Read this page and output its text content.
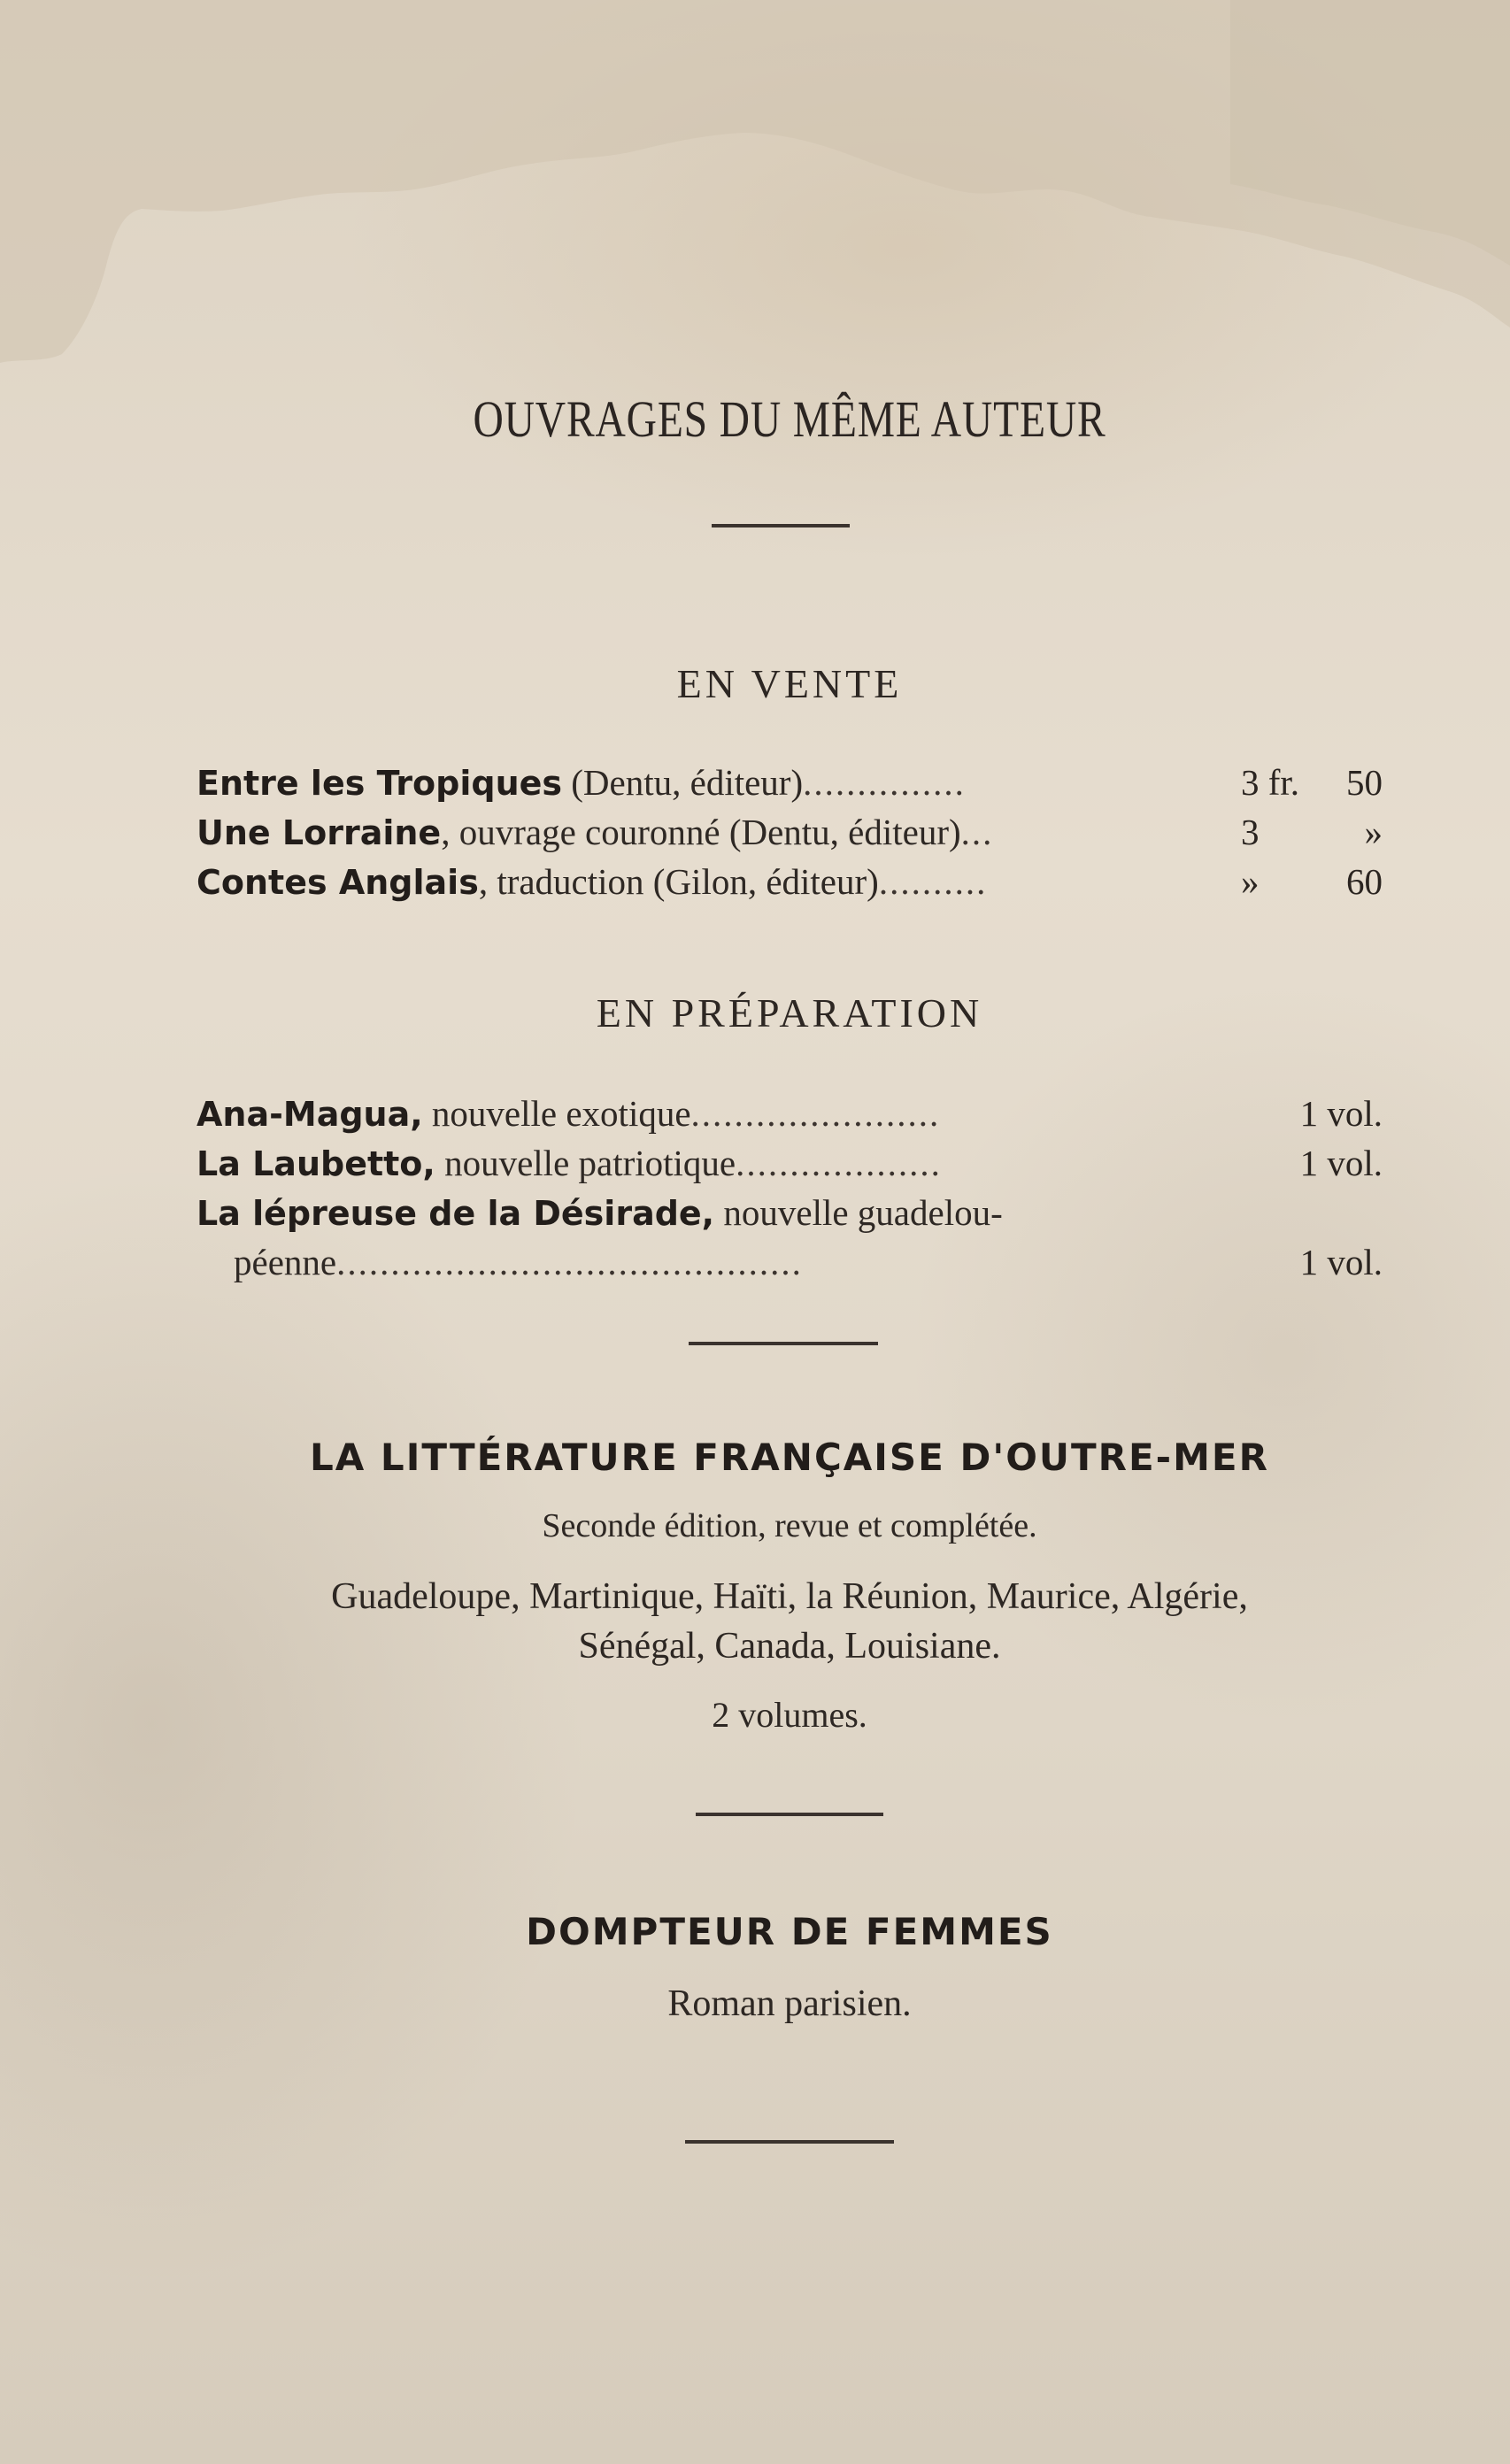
OUVRAGES DU MÊME AUTEUR
EN VENTE
Entre les Tropiques (Dentu, éditeur)...............	3 fr.	50
Une Lorraine, ouvrage couronné (Dentu, éditeur)...	3	»
Contes Anglais, traduction (Gilon, éditeur)..........	»	60
EN PRÉPARATION
Ana-Magua, nouvelle exotique.......................	1 vol.
La Laubetto, nouvelle patriotique...................	1 vol.
La lépreuse de la Désirade, nouvelle guadelou-
péenne...........................................	1 vol.
LA LITTÉRATURE FRANÇAISE D'OUTRE-MER
Seconde édition, revue et complétée.
Guadeloupe, Martinique, Haïti, la Réunion, Maurice, Algérie,
Sénégal, Canada, Louisiane.
2 volumes.
DOMPTEUR DE FEMMES
Roman parisien.
